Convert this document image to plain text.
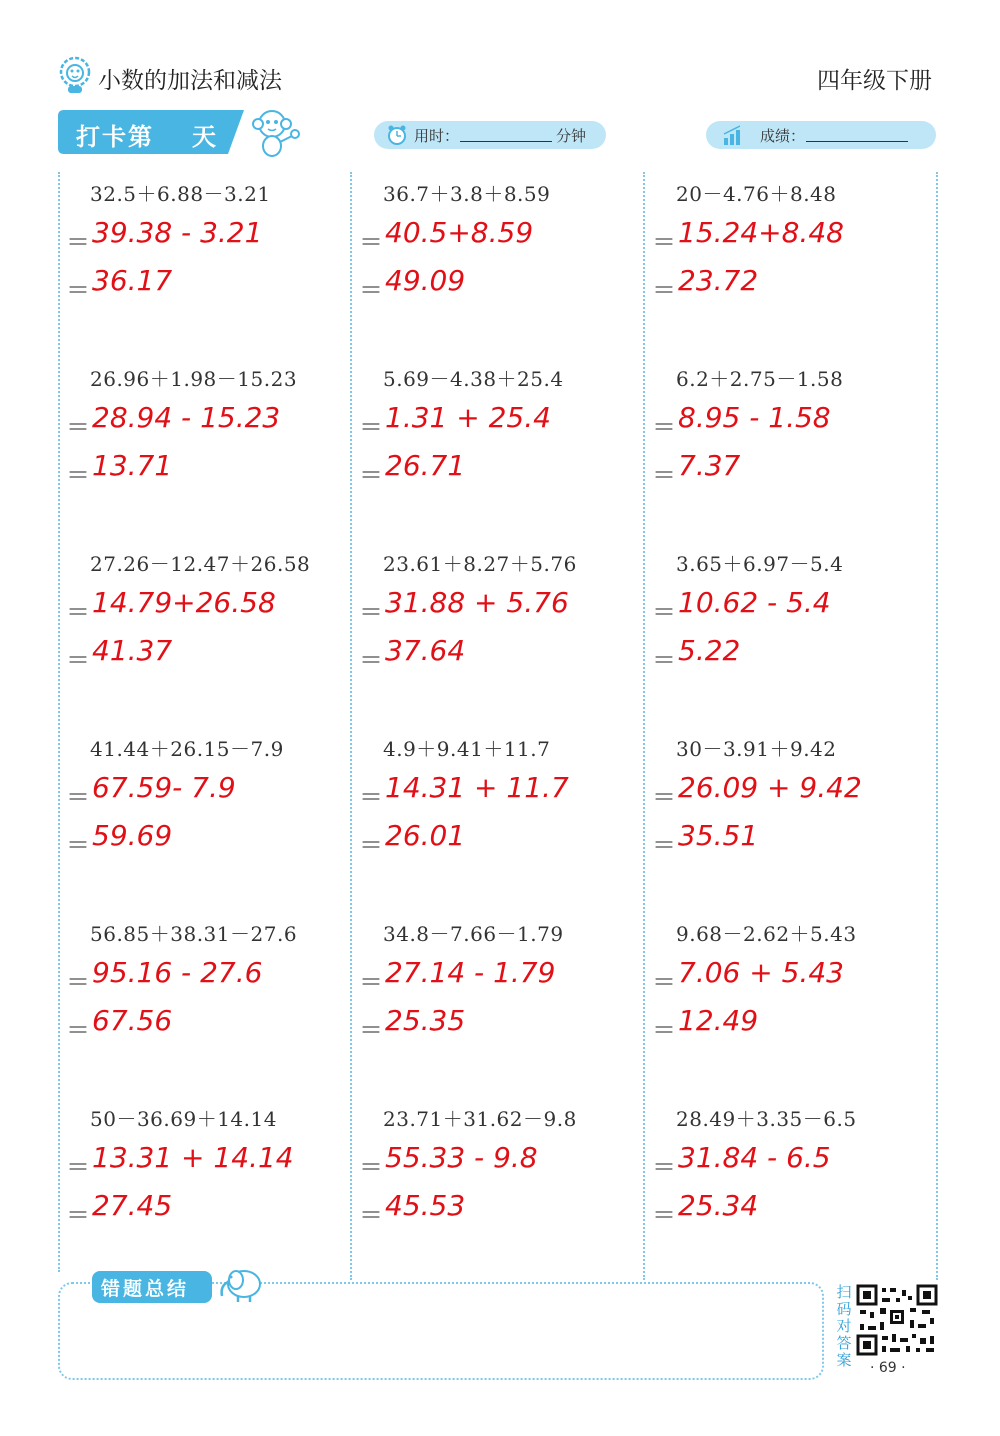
小数的加法和减法	四年级下册
打卡第 天	用时：	分钟	成绩：
32.5＋6.88－3.21
＝ 39.38 - 3.21
＝ 36.17
26.96＋1.98－15.23
＝ 28.94 - 15.23
＝ 13.71
27.26－12.47＋26.58
＝ 14.79+26.58
＝ 41.37
41.44＋26.15－7.9
＝ 67.59- 7.9
＝ 59.69
56.85＋38.31－27.6
＝ 95.16 - 27.6
＝ 67.56
50－36.69＋14.14
＝ 13.31 + 14.14
＝ 27.45
36.7＋3.8＋8.59
＝ 40.5+8.59
＝ 49.09
5.69－4.38＋25.4
＝ 1.31 + 25.4
＝ 26.71
23.61＋8.27＋5.76
＝ 31.88 + 5.76
＝ 37.64
4.9＋9.41＋11.7
＝ 14.31 + 11.7
＝ 26.01
34.8－7.66－1.79
＝ 27.14 - 1.79
＝ 25.35
23.71＋31.62－9.8
＝ 55.33 - 9.8
＝ 45.53
20－4.76＋8.48
＝ 15.24+8.48
＝ 23.72
6.2＋2.75－1.58
＝ 8.95 - 1.58
＝ 7.37
3.65＋6.97－5.4
＝ 10.62 - 5.4
＝ 5.22
30－3.91＋9.42
＝ 26.09 + 9.42
＝ 35.51
9.68－2.62＋5.43
＝ 7.06 + 5.43
＝ 12.49
28.49＋3.35－6.5
＝ 31.84 - 6.5
＝ 25.34
错题总结	扫码对答案 · 69 ·
